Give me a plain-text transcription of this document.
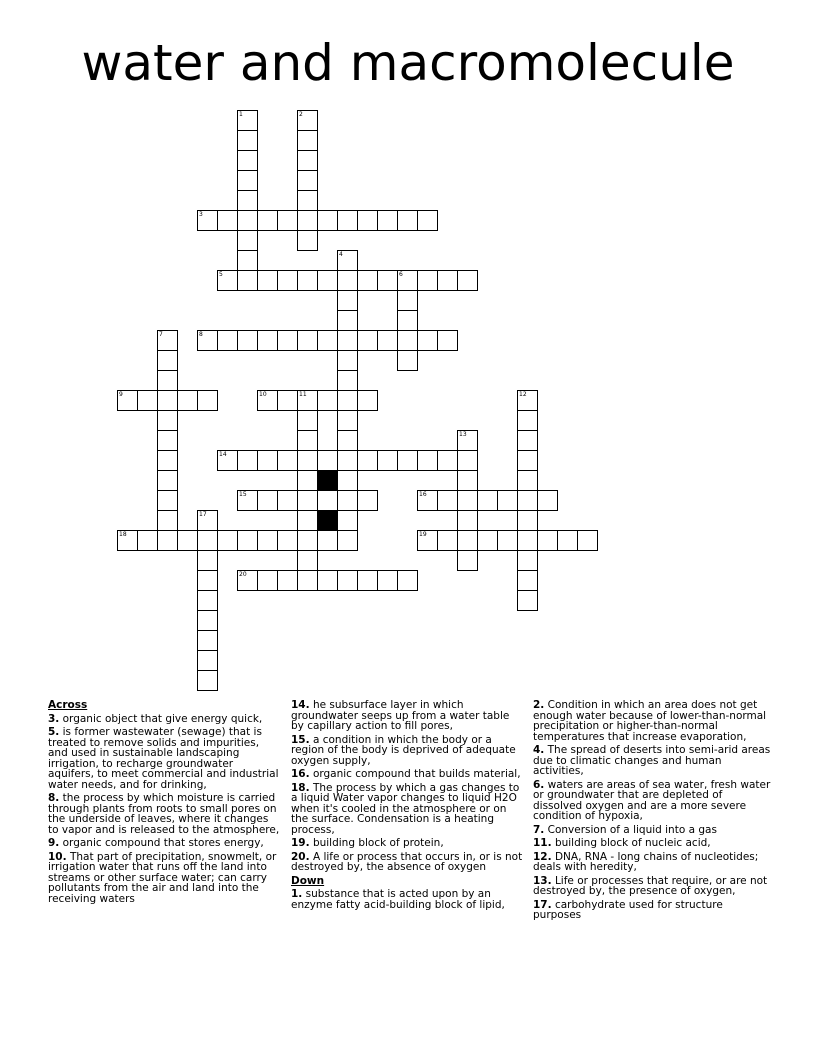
water and macromolecule
1	2
3
4
5	6
7	8
9	10	11	12
13
14
15	16
17
18	19
20
Across
3. organic object that give energy quick,
5. is former wastewater (sewage) that is treated to remove solids and impurities, and used in sustainable landscaping irrigation, to recharge groundwater aquifers, to meet commercial and industrial water needs, and for drinking,
8. the process by which moisture is carried through plants from roots to small pores on the underside of leaves, where it changes to vapor and is released to the atmosphere,
9. organic compound that stores energy,
10. That part of precipitation, snowmelt, or irrigation water that runs off the land into streams or other surface water; can carry pollutants from the air and land into the receiving waters
14. he subsurface layer in which groundwater seeps up from a water table by capillary action to fill pores,
15. a condition in which the body or a region of the body is deprived of adequate oxygen supply,
16. organic compound that builds material,
18. The process by which a gas changes to a liquid Water vapor changes to liquid H2O when it's cooled in the atmosphere or on the surface. Condensation is a heating process,
19. building block of protein,
20. A life or process that occurs in, or is not destroyed by, the absence of oxygen
Down
1. substance that is acted upon by an enzyme fatty acid-building block of lipid,
2. Condition in which an area does not get enough water because of lower-than-normal precipitation or higher-than-normal temperatures that increase evaporation,
4. The spread of deserts into semi-arid areas due to climatic changes and human activities,
6. waters are areas of sea water, fresh water or groundwater that are depleted of dissolved oxygen and are a more severe condition of hypoxia,
7. Conversion of a liquid into a gas
11. building block of nucleic acid,
12. DNA, RNA - long chains of nucleotides; deals with heredity,
13. Life or processes that require, or are not destroyed by, the presence of oxygen,
17. carbohydrate used for structure purposes
